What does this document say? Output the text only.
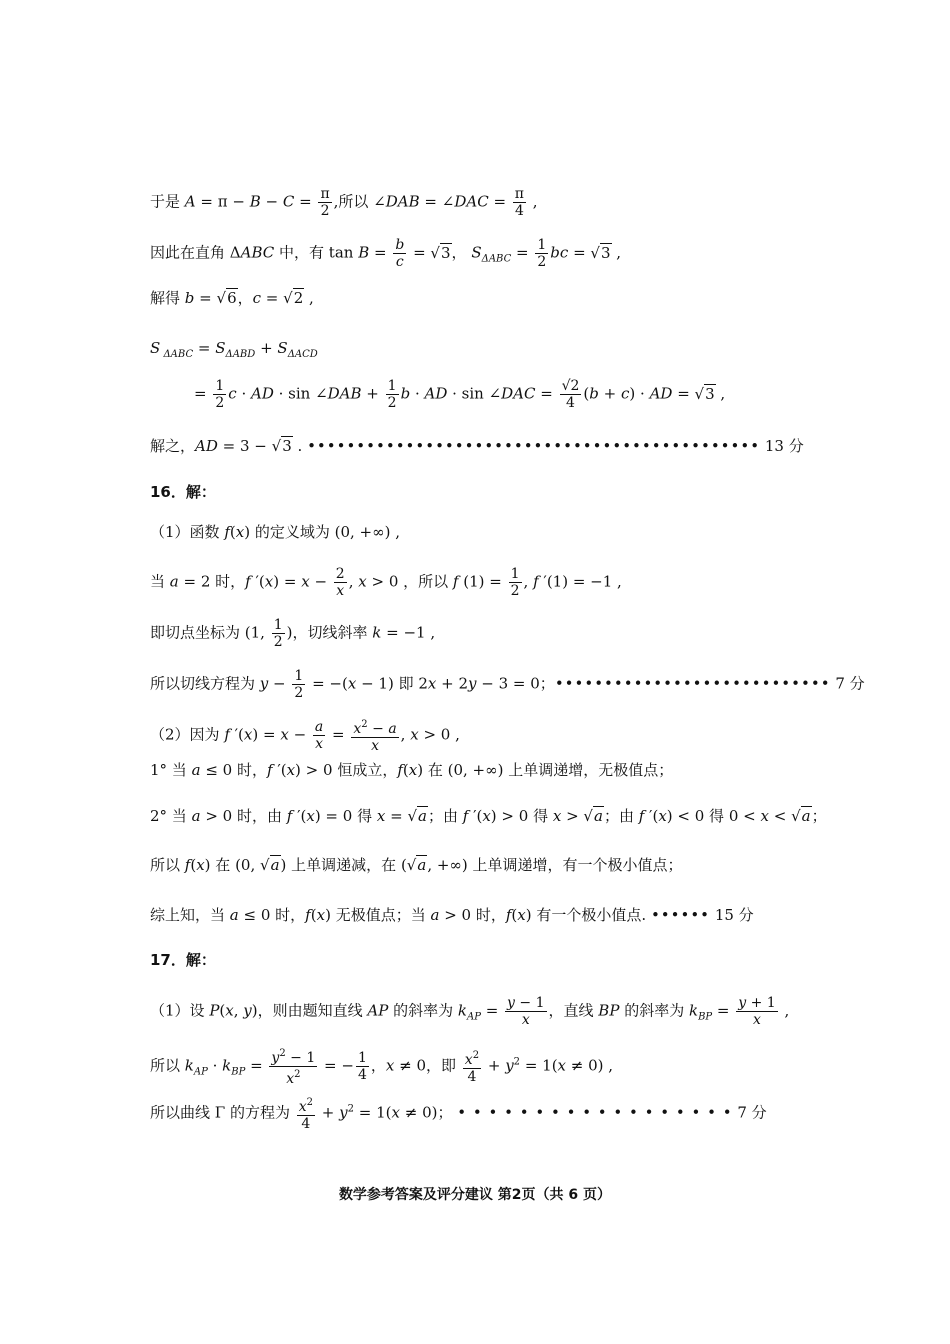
于是 $A = \pi - B - C = \frac{\pi}{2}$ ,所以 ∠DAB = ∠DAC = $\frac{\pi}{4}$ ,
因此在直角 ΔABC 中，有 $\tan B = \frac{b}{c} = √3$， $S_{\Delta ABC} = \frac{1}{2}$ bc = √3 ,
解得 b = √6，c = √2 ,
S $_{\Delta ABC} = S_{\Delta ABD} + S_{\Delta ACD}$
= $\frac{1}{2}$ c · AD · sin ∠DAB + $\frac{1}{2}$ b · AD · sin ∠DAC = $\frac{√2}{4} (b + c)$ · AD = √3 ,
解之，AD = 3 − √3 . •••••••••••••••••••••••••••••••••••••••••••••• 13 分
16．解：
（1）函数 f(x) 的定义域为 (0, +∞) ,
当 a = 2 时，f $'(x) = x - \frac{2}{x}$ , x > 0 ，所以 f $(1) = \frac{1}{2}$ , f ′(1) = −1 ,
即切点坐标为 (1, $\frac{1}{2}$ )，切线斜率 k = −1 ,
所以切线方程为 $y - \frac{1}{2} = -(x - 1)$ 即 2x + 2y − 3 = 0；•••••••••••••••••••••••••••• 7 分
（2）因为 f $'(x) = x - \frac{a}{x} = \frac{x^2 - a}{x}$ , x > 0 ,
1° 当 a ≤ 0 时，f ′(x) > 0 恒成立，f(x) 在 (0, +∞) 上单调递增，无极值点；
2° 当 a > 0 时，由 f ′(x) = 0 得 x = √a；由 f ′(x) > 0 得 x > √a；由 f ′(x) < 0 得 0 < x < √a；
所以 f(x) 在 (0, √a) 上单调递减，在 (√a, +∞) 上单调递增，有一个极小值点；
综上知，当 a ≤ 0 时，f(x) 无极值点；当 a > 0 时，f(x) 有一个极小值点. •••••• 15 分
17．解：
（1）设 P(x, y)，则由题知直线 AP 的斜率为 $k_{AP} = \frac{y - 1}{x}$ ，直线 BP 的斜率为 $k_{BP} = \frac{y + 1}{x}$ ,
所以 $k_{AP} \cdot k_{BP} = \frac{y^2 - 1}{x^2}$ = − $\frac{1}{4}$ ，x ≠ 0，即 $\frac{x^2}{4} + y^2 = 1(x \ne 0)$ ,
所以曲线 Γ 的方程为 $\frac{x^2}{4} + y^2 = 1(x \ne 0)$； • • • • • • • • • • • • • • • • • • 7 分
数学参考答案及评分建议 第2页（共 6 页）
